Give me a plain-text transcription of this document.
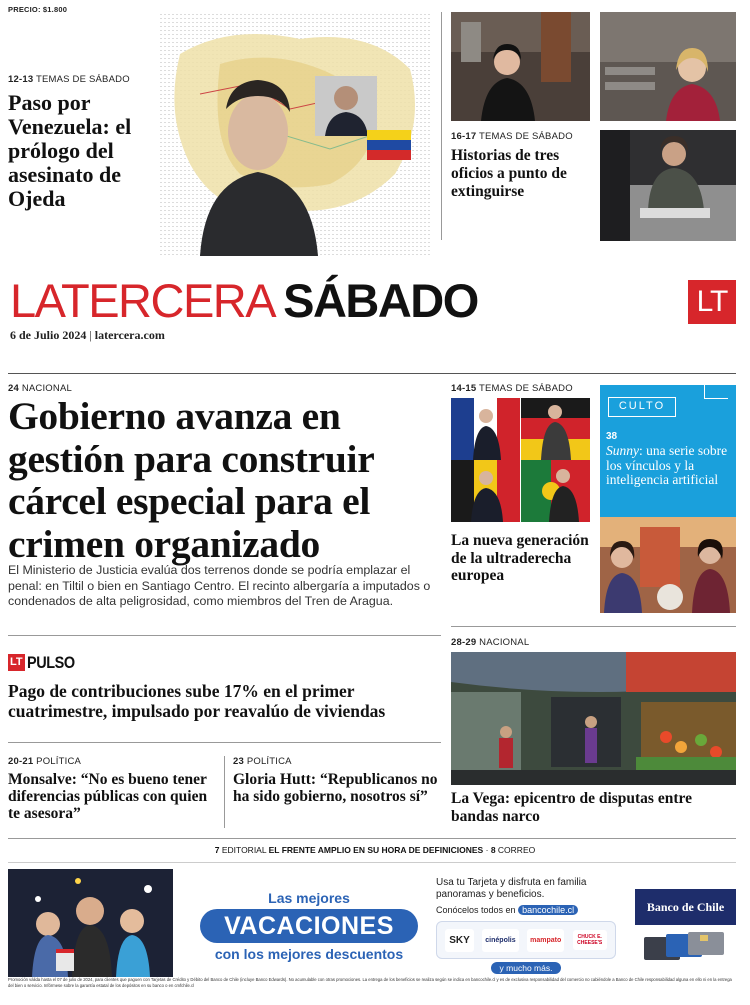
PRECIO: $1.800
12-13 TEMAS DE SÁBADO
Paso por Venezuela: el prólogo del asesinato de Ojeda
16-17 TEMAS DE SÁBADO
Historias de tres oficios a punto de extinguirse
LATERCERA SÁBADO
6 de Julio 2024 | latercera.com
LT
24 NACIONAL
Gobierno avanza en gestión para construir cárcel especial para el crimen organizado
El Ministerio de Justicia evalúa dos terrenos donde se podría emplazar el penal: en Tiltil o bien en Santiago Centro. El recinto albergaría a imputados o condenados de alta peligrosidad, como miembros del Tren de Aragua.
14-15 TEMAS DE SÁBADO
La nueva generación de la ultraderecha europea
CULTO
38
Sunny: una serie sobre los vínculos y la inteligencia artificial
LT PULSO
Pago de contribuciones sube 17% en el primer cuatrimestre, impulsado por reavalúo de viviendas
20-21 POLÍTICA
Monsalve: “No es bueno tener diferencias públicas con quien te asesora”
23 POLÍTICA
Gloria Hutt: “Republicanos no ha sido gobierno, nosotros sí”
28-29 NACIONAL
La Vega: epicentro de disputas entre bandas narco
7 EDITORIAL EL FRENTE AMPLIO EN SU HORA DE DEFINICIONES · 8 CORREO
Las mejores
VACACIONES
con los mejores descuentos
Usa tu Tarjeta y disfruta en familia panoramas y beneficios.
Conócelos todos en bancochile.cl
SKY	cinépolis	mampato	CHUCK E. CHEESE'S
y mucho más.
Banco de Chile
Promoción válida hasta el 07 de julio de 2024, para clientes que paguen con Tarjetas de Crédito y Débito del Banco de Chile (incluye Banco Edwards). No acumulable con otras promociones. La entrega de los beneficios se realiza según se indica en bancochile.cl y es de exclusiva responsabilidad del comercio no cabiéndole a Banco de Chile responsabilidad alguna en ello ni en la entrega del bien o servicio. Infórmese sobre la garantía estatal de los depósitos en su banco o en cmfchile.cl
